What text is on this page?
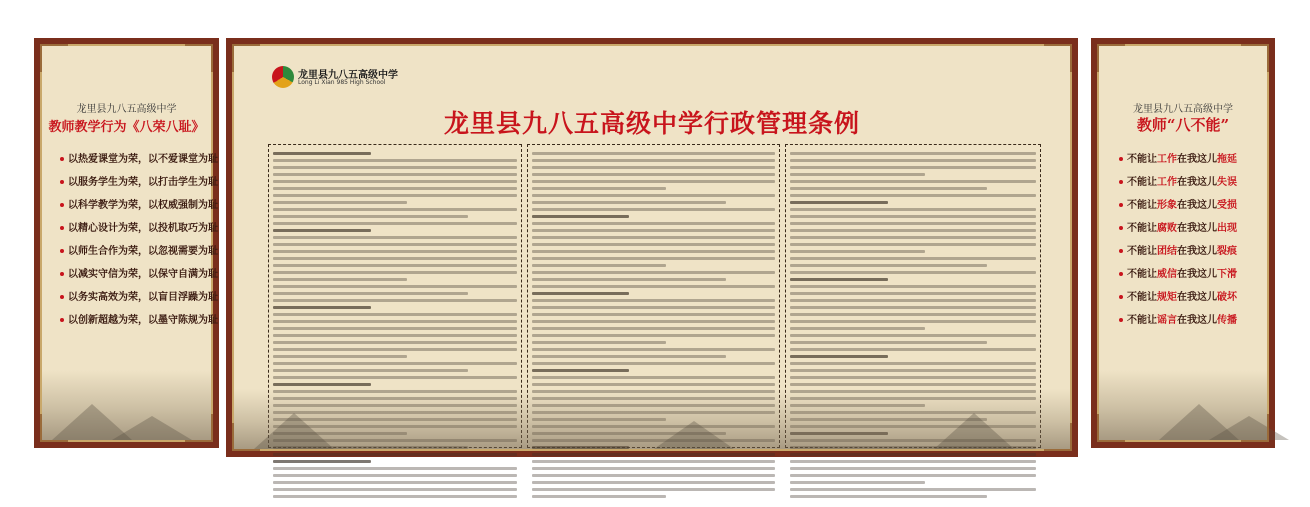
龙里县九八五高级中学
教师教学行为《八荣八耻》
以热爱课堂为荣，以不爱课堂为耻
以服务学生为荣，以打击学生为耻
以科学教学为荣，以权威强制为耻
以精心设计为荣，以投机取巧为耻
以师生合作为荣，以忽视需要为耻
以减实守信为荣，以保守自满为耻
以务实高效为荣，以盲目浮躁为耻
以创新超越为荣，以墨守陈规为耻
龙里县九八五高级中学
Long Li Xian 985 High School
龙里县九八五高级中学行政管理条例	龙里县九八五高级中学
教师“八不能”
不能让工作在我这儿拖延
不能让工作在我这儿失误
不能让形象在我这儿受损
不能让腐败在我这儿出现
不能让团结在我这儿裂痕
不能让威信在我这儿下滑
不能让规矩在我这儿破坏
不能让谣言在我这儿传播
